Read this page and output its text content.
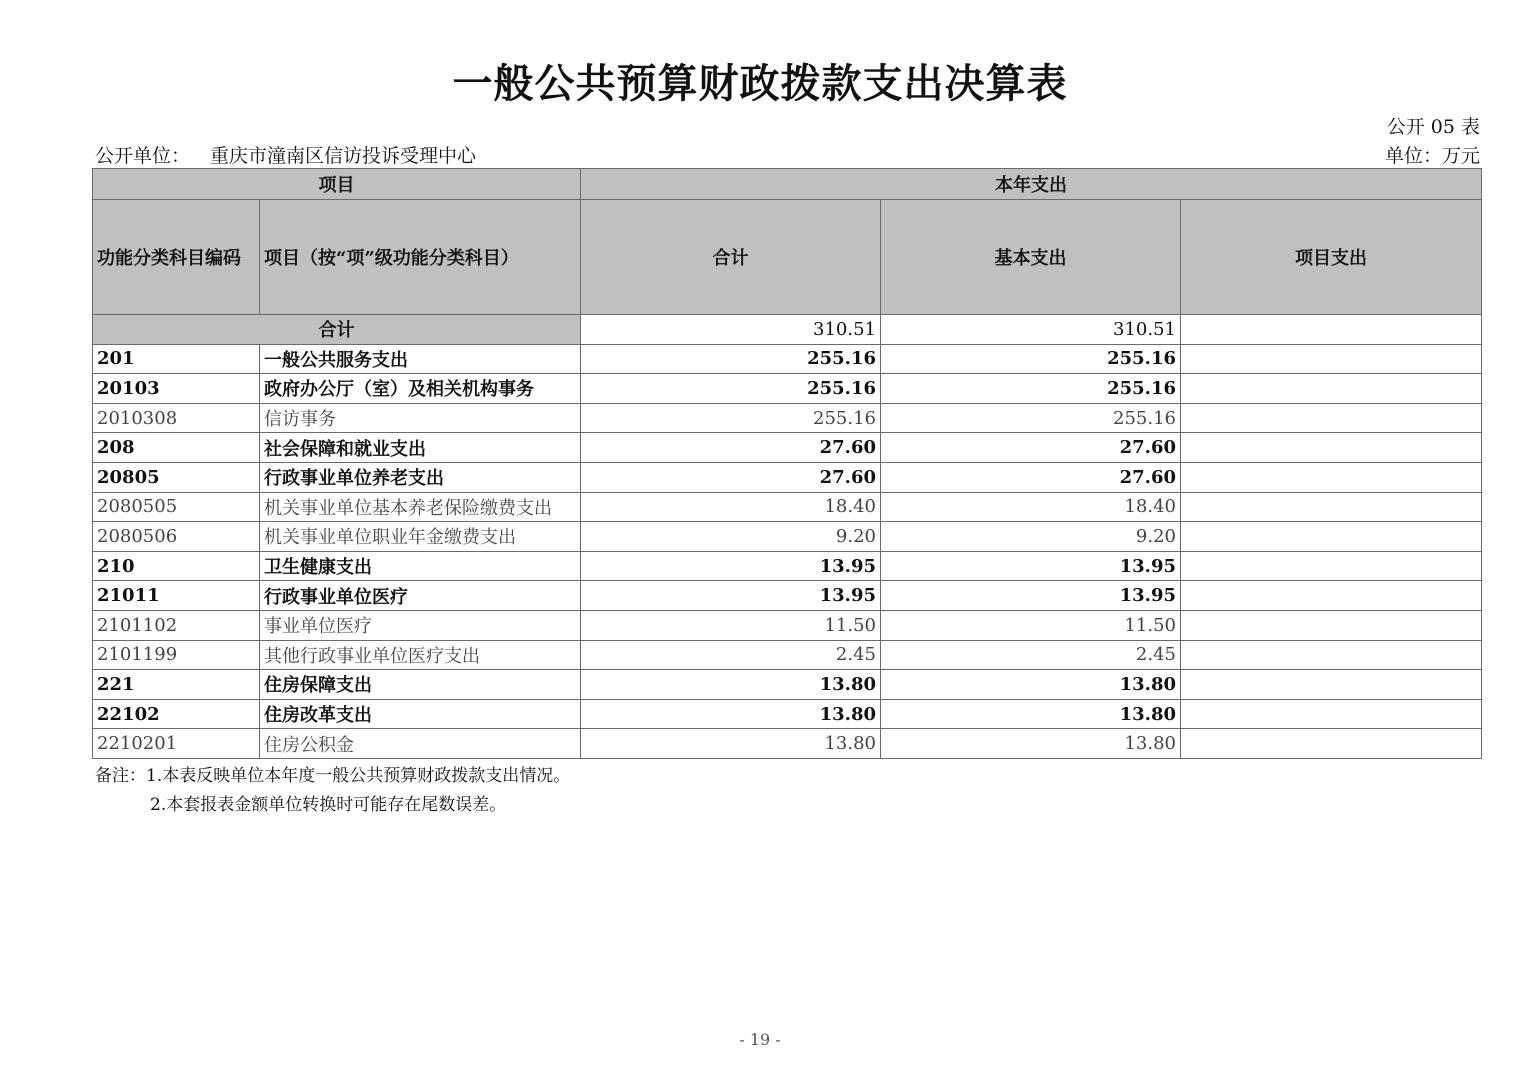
一般公共预算财政拨款支出决算表
公开 05 表
公开单位： 重庆市潼南区信访投诉受理中心	单位：万元
项目		本年支出		
功能分类科目编码	项目（按“项”级功能分类科目）	合计	基本支出	项目支出
合计		310.51	310.51	
201	一般公共服务支出	255.16	255.16	
20103	政府办公厅（室）及相关机构事务	255.16	255.16	
2010308	信访事务	255.16	255.16	
208	社会保障和就业支出	27.60	27.60	
20805	行政事业单位养老支出	27.60	27.60	
2080505	机关事业单位基本养老保险缴费支出	18.40	18.40	
2080506	机关事业单位职业年金缴费支出	9.20	9.20	
210	卫生健康支出	13.95	13.95	
21011	行政事业单位医疗	13.95	13.95	
2101102	事业单位医疗	11.50	11.50	
2101199	其他行政事业单位医疗支出	2.45	2.45	
221	住房保障支出	13.80	13.80	
22102	住房改革支出	13.80	13.80	
2210201	住房公积金	13.80	13.80	
备注：1.本表反映单位本年度一般公共预算财政拨款支出情况。
2.本套报表金额单位转换时可能存在尾数误差。
- 19 -
